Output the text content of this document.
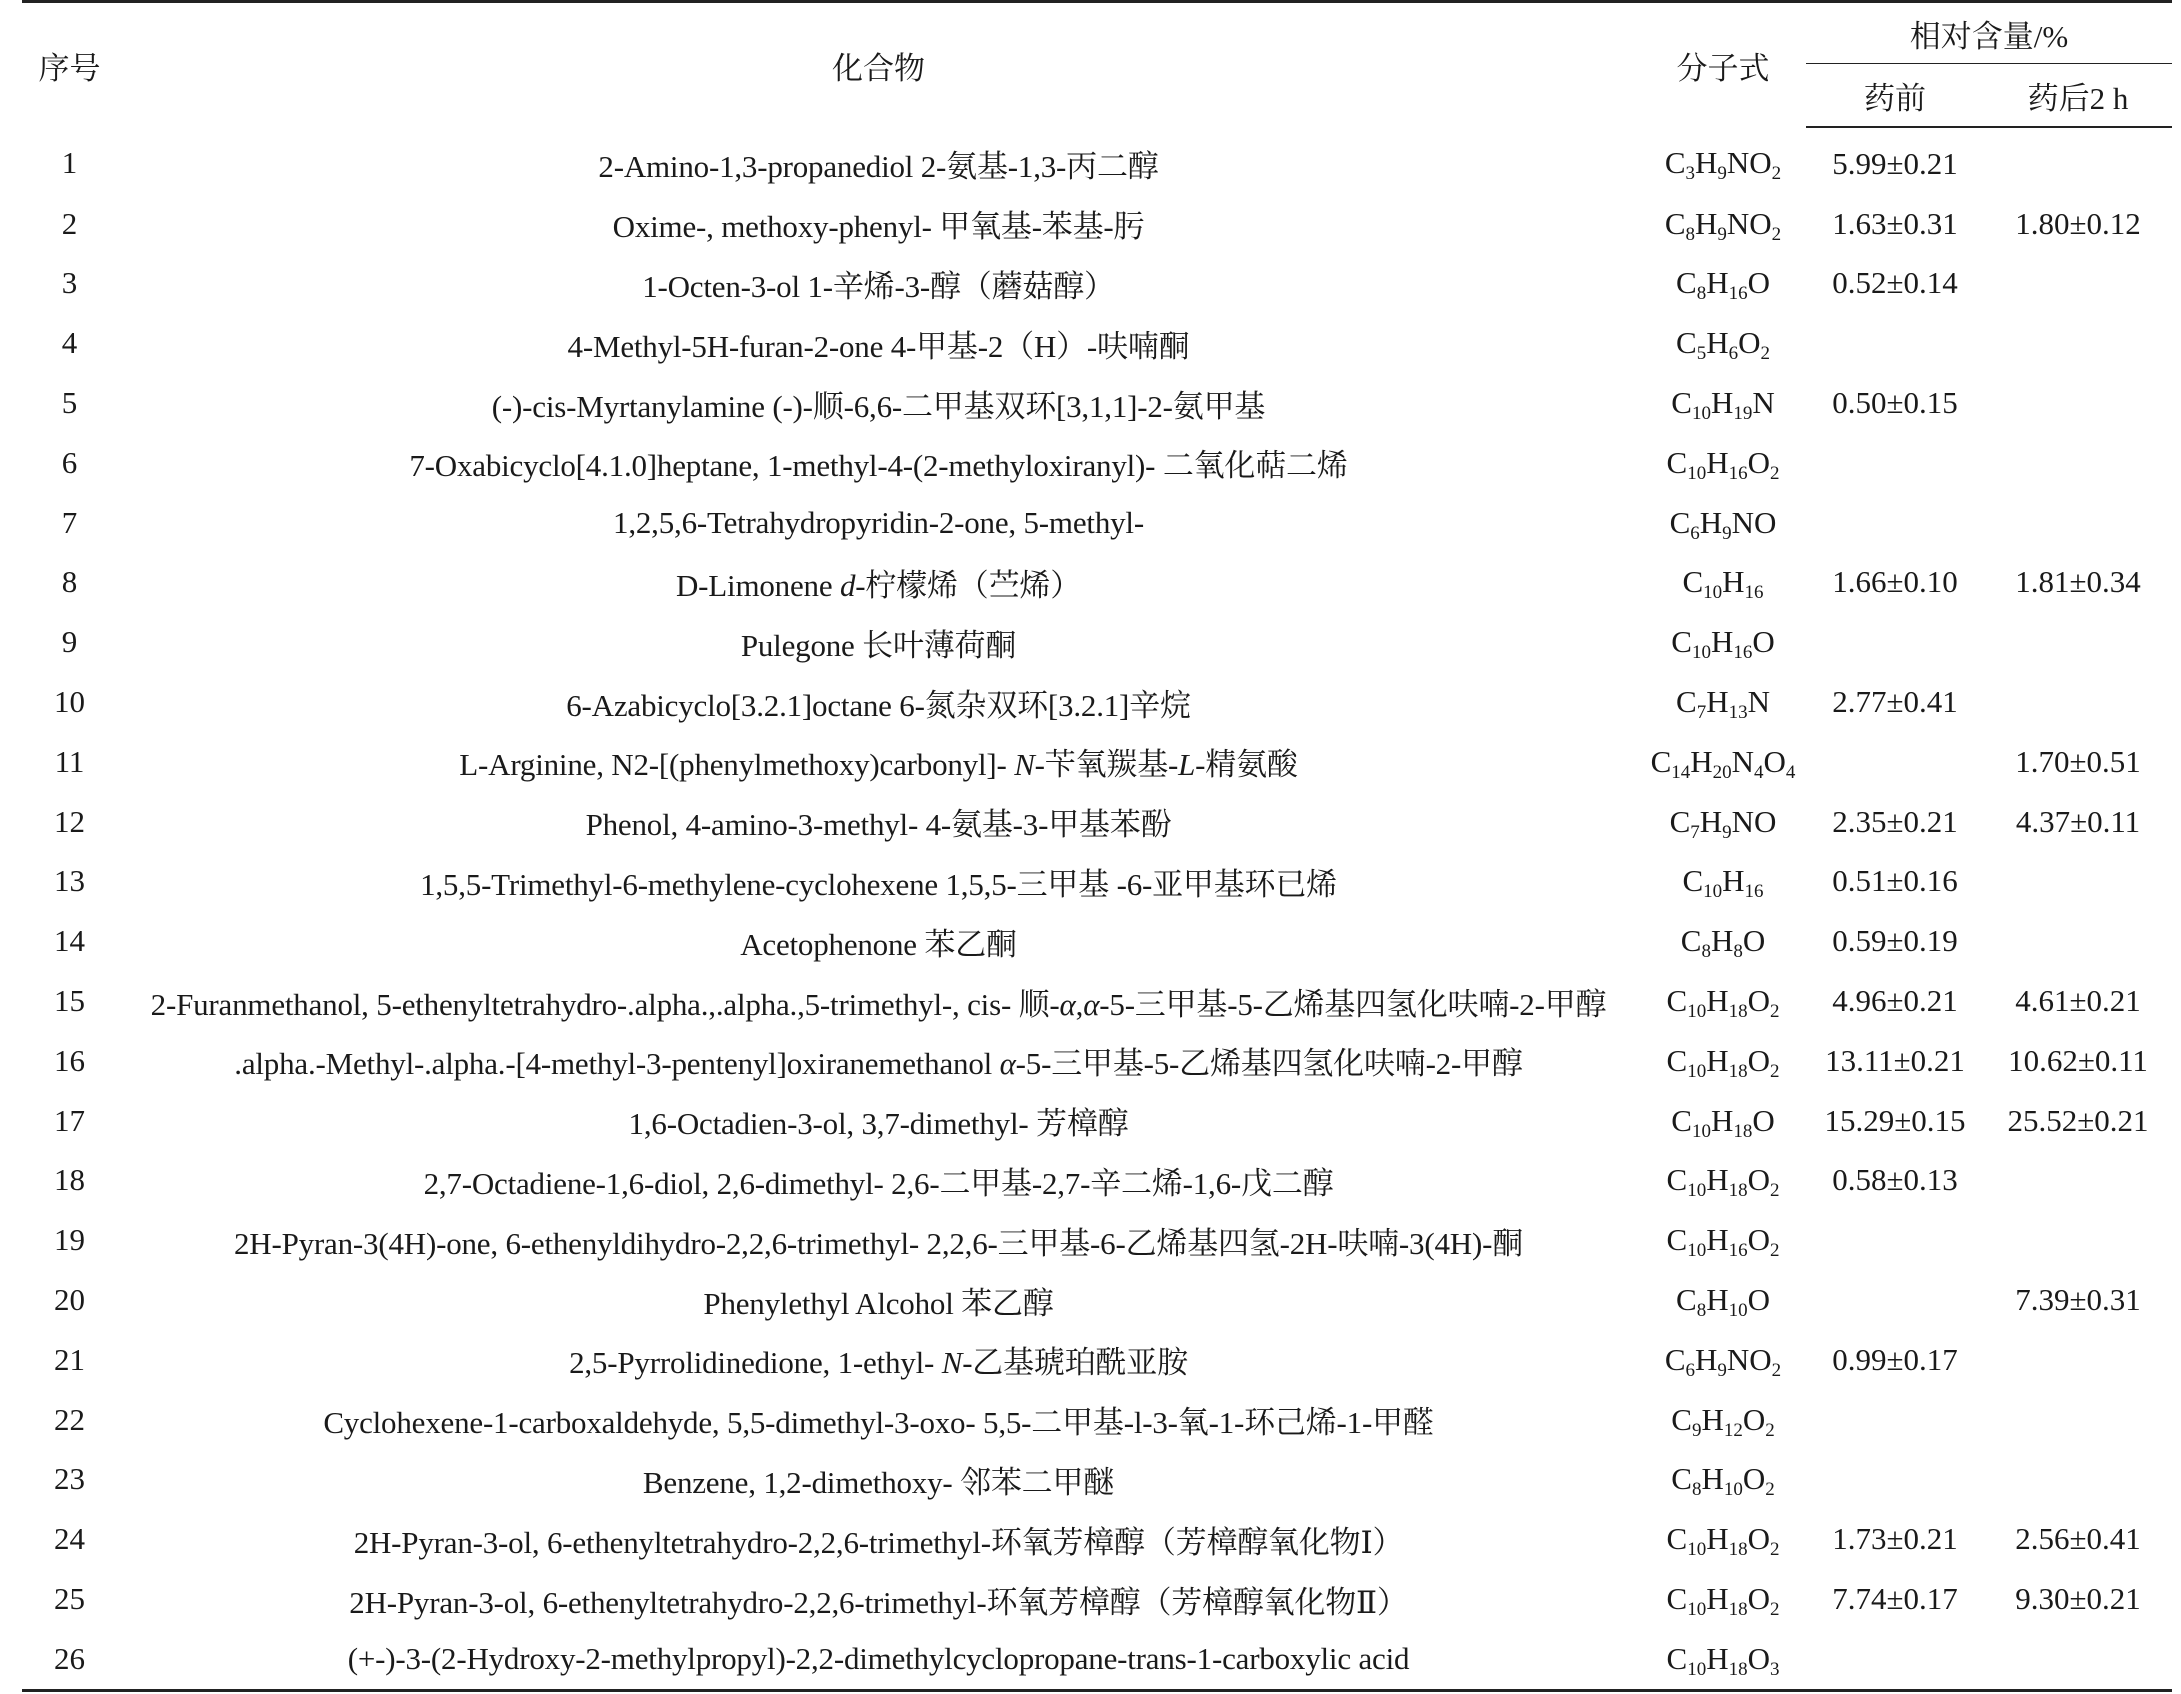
序号	化合物	分子式	相对含量/%	
			药前	药后2 h
1	2-Amino-1,3-propanediol 2-氨基-1,3-丙二醇	$C_3H_9NO_2$	5.99±0.21	
2	Oxime-, methoxy-phenyl- 甲氧基-苯基-肟	$C_8H_9NO_2$	1.63±0.31	1.80±0.12
3	1-Octen-3-ol 1-辛烯-3-醇（蘑菇醇）	$C_8H_{16}O$	0.52±0.14	
4	4-Methyl-5H-furan-2-one 4-甲基-2（H）-呋喃酮	$C_5H_6O_2$		
5	(-)-cis-Myrtanylamine (-)-顺-6,6-二甲基双环[3,1,1]-2-氨甲基	$C_{10}H_{19}N$	0.50±0.15	
6	7-Oxabicyclo[4.1.0]heptane, 1-methyl-4-(2-methyloxiranyl)- 二氧化萜二烯	$C_{10}H_{16}O_2$		
7	1,2,5,6-Tetrahydropyridin-2-one, 5-methyl-	$C_6H_9NO$		
8	D-Limonene d-柠檬烯（苎烯）	$C_{10}H_{16}$	1.66±0.10	1.81±0.34
9	Pulegone 长叶薄荷酮	$C_{10}H_{16}O$		
10	6-Azabicyclo[3.2.1]octane 6-氮杂双环[3.2.1]辛烷	$C_7H_{13}N$	2.77±0.41	
11	L-Arginine, N2-[(phenylmethoxy)carbonyl]- N-苄氧羰基-L-精氨酸	$C_{14}H_{20}N_4O_4$		1.70±0.51
12	Phenol, 4-amino-3-methyl- 4-氨基-3-甲基苯酚	$C_7H_9NO$	2.35±0.21	4.37±0.11
13	1,5,5-Trimethyl-6-methylene-cyclohexene 1,5,5-三甲基 -6-亚甲基环已烯	$C_{10}H_{16}$	0.51±0.16	
14	Acetophenone 苯乙酮	$C_8H_8O$	0.59±0.19	
15	2-Furanmethanol, 5-ethenyltetrahydro-.alpha.,.alpha.,5-trimethyl-, cis- 顺-α,α-5-三甲基-5-乙烯基四氢化呋喃-2-甲醇	$C_{10}H_{18}O_2$	4.96±0.21	4.61±0.21
16	.alpha.-Methyl-.alpha.-[4-methyl-3-pentenyl]oxiranemethanol α-5-三甲基-5-乙烯基四氢化呋喃-2-甲醇	$C_{10}H_{18}O_2$	13.11±0.21	10.62±0.11
17	1,6-Octadien-3-ol, 3,7-dimethyl- 芳樟醇	$C_{10}H_{18}O$	15.29±0.15	25.52±0.21
18	2,7-Octadiene-1,6-diol, 2,6-dimethyl- 2,6-二甲基-2,7-辛二烯-1,6-戊二醇	$C_{10}H_{18}O_2$	0.58±0.13	
19	2H-Pyran-3(4H)-one, 6-ethenyldihydro-2,2,6-trimethyl- 2,2,6-三甲基-6-乙烯基四氢-2H-呋喃-3(4H)-酮	$C_{10}H_{16}O_2$		
20	Phenylethyl Alcohol 苯乙醇	$C_8H_{10}O$		7.39±0.31
21	2,5-Pyrrolidinedione, 1-ethyl- N-乙基琥珀酰亚胺	$C_6H_9NO_2$	0.99±0.17	
22	Cyclohexene-1-carboxaldehyde, 5,5-dimethyl-3-oxo- 5,5-二甲基-l-3-氧-1-环己烯-1-甲醛	$C_9H_{12}O_2$		
23	Benzene, 1,2-dimethoxy- 邻苯二甲醚	$C_8H_{10}O_2$		
24	2H-Pyran-3-ol, 6-ethenyltetrahydro-2,2,6-trimethyl-环氧芳樟醇（芳樟醇氧化物Ⅰ）	$C_{10}H_{18}O_2$	1.73±0.21	2.56±0.41
25	2H-Pyran-3-ol, 6-ethenyltetrahydro-2,2,6-trimethyl-环氧芳樟醇（芳樟醇氧化物Ⅱ）	$C_{10}H_{18}O_2$	7.74±0.17	9.30±0.21
26	(+-)-3-(2-Hydroxy-2-methylpropyl)-2,2-dimethylcyclopropane-trans-1-carboxylic acid	$C_{10}H_{18}O_3$		
